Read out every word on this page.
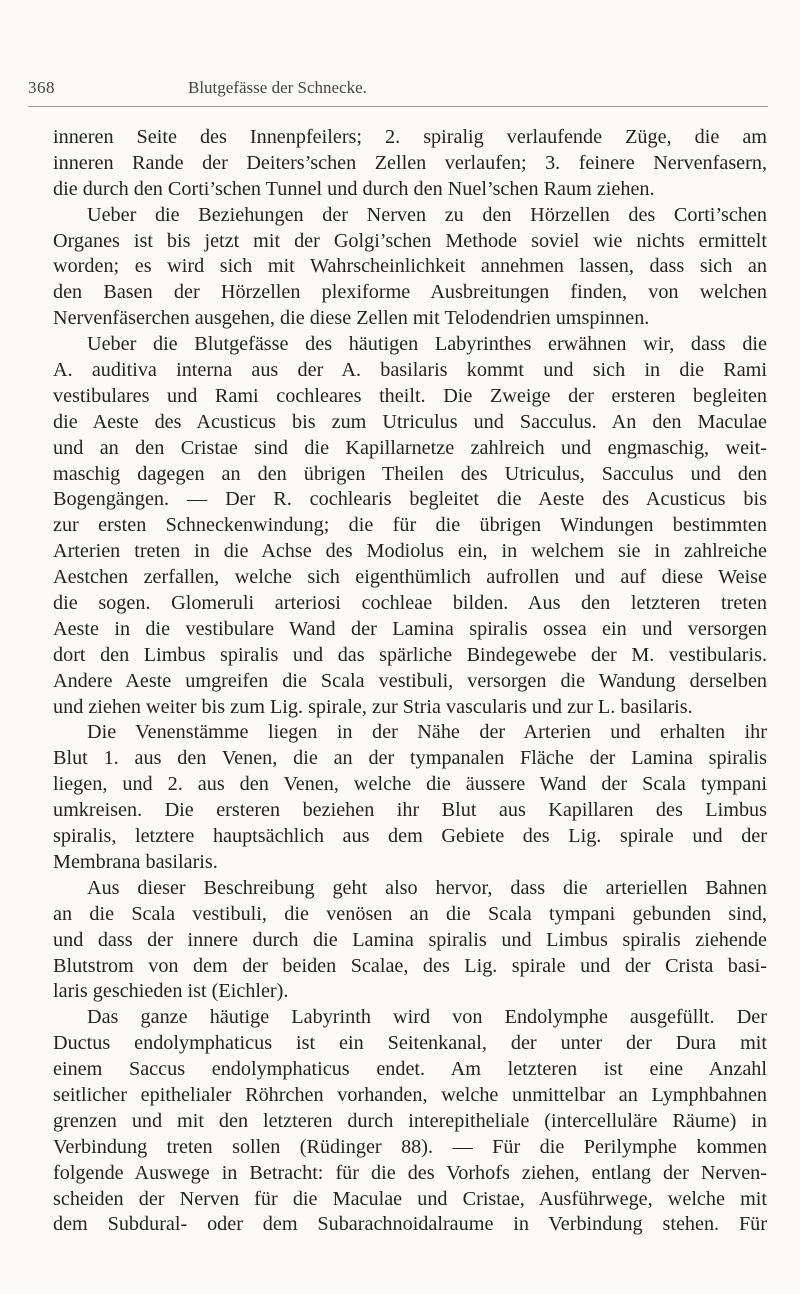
368	Blutgefässe der Schnecke.
inneren Seite des Innenpfeilers; 2. spiralig verlaufende Züge, die am
inneren Rande der Deiters’schen Zellen verlaufen; 3. feinere Nervenfasern,
die durch den Corti’schen Tunnel und durch den Nuel’schen Raum ziehen.
Ueber die Beziehungen der Nerven zu den Hörzellen des Corti’schen
Organes ist bis jetzt mit der Golgi’schen Methode soviel wie nichts ermittelt
worden; es wird sich mit Wahrscheinlichkeit annehmen lassen, dass sich an
den Basen der Hörzellen plexiforme Ausbreitungen finden, von welchen
Nervenfäserchen ausgehen, die diese Zellen mit Telodendrien umspinnen.
Ueber die Blutgefässe des häutigen Labyrinthes erwähnen wir, dass die
A. auditiva interna aus der A. basilaris kommt und sich in die Rami
vestibulares und Rami cochleares theilt. Die Zweige der ersteren begleiten
die Aeste des Acusticus bis zum Utriculus und Sacculus. An den Maculae
und an den Cristae sind die Kapillarnetze zahlreich und engmaschig, weit-
maschig dagegen an den übrigen Theilen des Utriculus, Sacculus und den
Bogengängen. — Der R. cochlearis begleitet die Aeste des Acusticus bis
zur ersten Schneckenwindung; die für die übrigen Windungen bestimmten
Arterien treten in die Achse des Modiolus ein, in welchem sie in zahlreiche
Aestchen zerfallen, welche sich eigenthümlich aufrollen und auf diese Weise
die sogen. Glomeruli arteriosi cochleae bilden. Aus den letzteren treten
Aeste in die vestibulare Wand der Lamina spiralis ossea ein und versorgen
dort den Limbus spiralis und das spärliche Bindegewebe der M. vestibularis.
Andere Aeste umgreifen die Scala vestibuli, versorgen die Wandung derselben
und ziehen weiter bis zum Lig. spirale, zur Stria vascularis und zur L. basilaris.
Die Venenstämme liegen in der Nähe der Arterien und erhalten ihr
Blut 1. aus den Venen, die an der tympanalen Fläche der Lamina spiralis
liegen, und 2. aus den Venen, welche die äussere Wand der Scala tympani
umkreisen. Die ersteren beziehen ihr Blut aus Kapillaren des Limbus
spiralis, letztere hauptsächlich aus dem Gebiete des Lig. spirale und der
Membrana basilaris.
Aus dieser Beschreibung geht also hervor, dass die arteriellen Bahnen
an die Scala vestibuli, die venösen an die Scala tympani gebunden sind,
und dass der innere durch die Lamina spiralis und Limbus spiralis ziehende
Blutstrom von dem der beiden Scalae, des Lig. spirale und der Crista basi-
laris geschieden ist (Eichler).
Das ganze häutige Labyrinth wird von Endolymphe ausgefüllt. Der
Ductus endolymphaticus ist ein Seitenkanal, der unter der Dura mit
einem Saccus endolymphaticus endet. Am letzteren ist eine Anzahl
seitlicher epithelialer Röhrchen vorhanden, welche unmittelbar an Lymphbahnen
grenzen und mit den letzteren durch interepitheliale (intercelluläre Räume) in
Verbindung treten sollen (Rüdinger 88). — Für die Perilymphe kommen
folgende Auswege in Betracht: für die des Vorhofs ziehen, entlang der Nerven-
scheiden der Nerven für die Maculae und Cristae, Ausführwege, welche mit
dem Subdural- oder dem Subarachnoidalraume in Verbindung stehen. Für
